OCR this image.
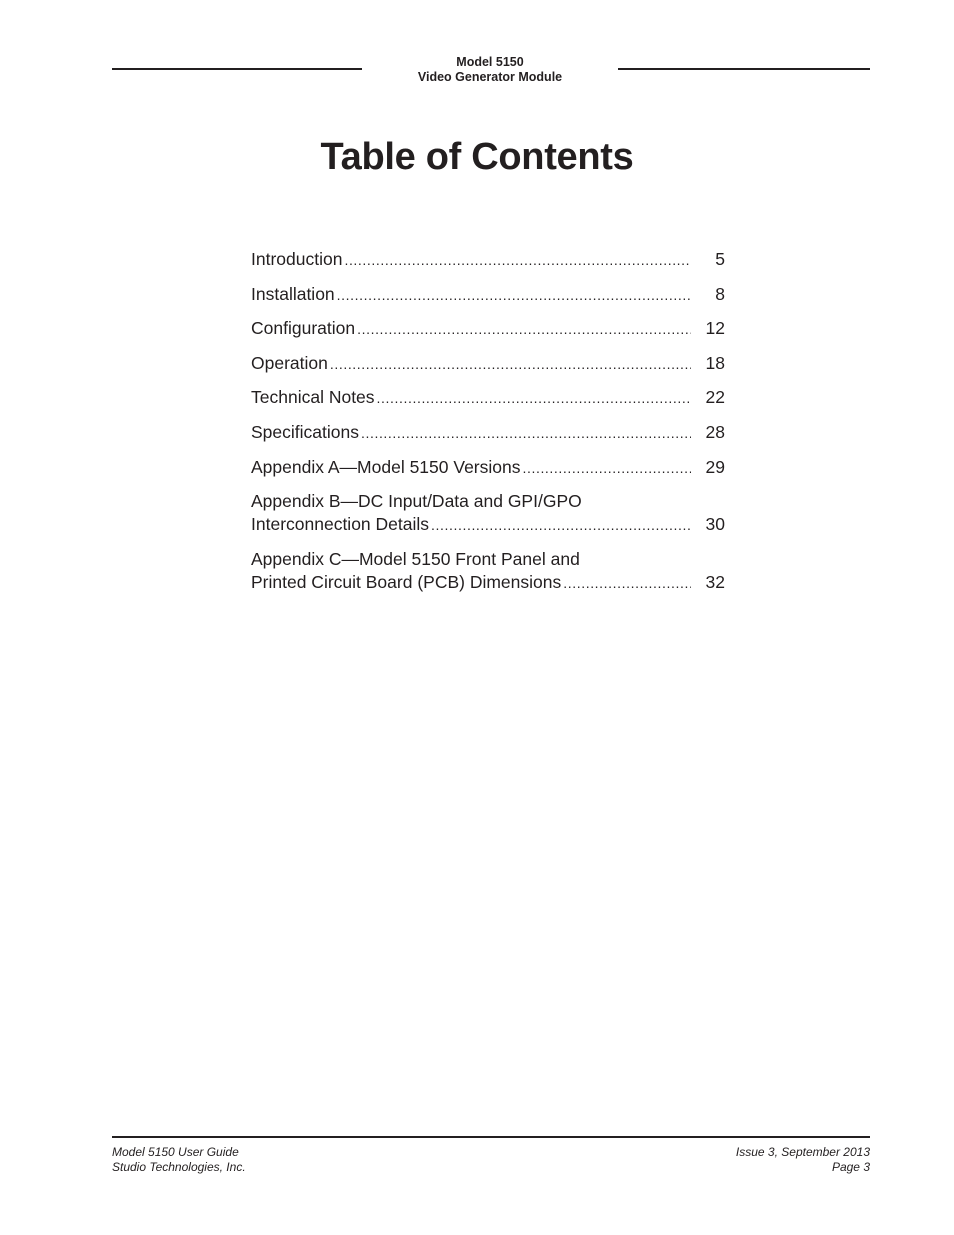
Model 5150
Video Generator Module
Table of Contents
Introduction .....	5
Installation .....	8
Configuration .....	12
Operation .....	18
Technical Notes .....	22
Specifications .....	28
Appendix A—Model 5150 Versions .....	29
Appendix B—DC Input/Data and GPI/GPO
Interconnection Details .....	30
Appendix C—Model 5150 Front Panel and
Printed Circuit Board (PCB) Dimensions .....	32
Model 5150 User Guide
Studio Technologies, Inc.
Issue 3, September 2013
Page 3
